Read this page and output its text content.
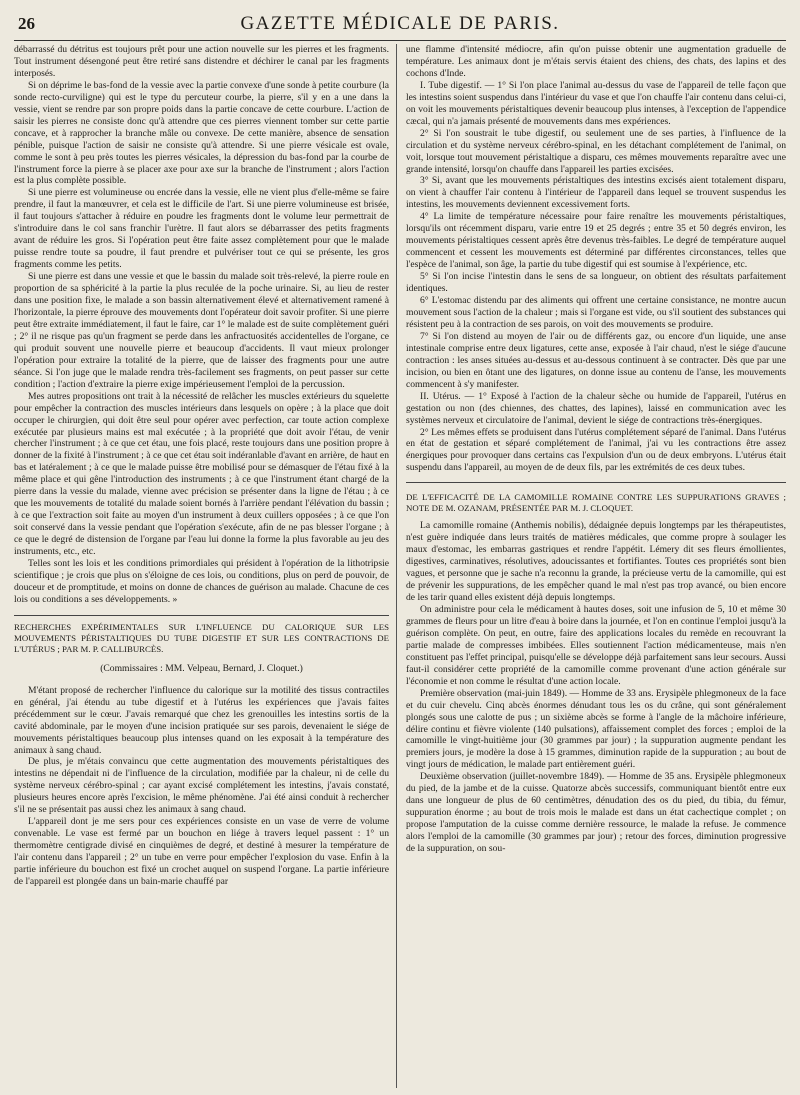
26	GAZETTE MÉDICALE DE PARIS.

débarrassé du détritus est toujours prêt pour une action nouvelle sur les pierres et les fragments. Tout instrument désengoné peut être retiré sans distendre et déchirer le canal par les fragments interposés.

Si on déprime le bas-fond de la vessie avec la partie convexe d'une sonde à petite courbure (la sonde recto-curviligne) qui est le type du percuteur courbe, la pierre, s'il y en a une dans la vessie, vient se rendre par son propre poids dans la partie concave de cette courbure. L'action de saisir les pierres ne consiste donc qu'à attendre que ces pierres viennent tomber sur cette partie concave, et à rapprocher la branche mâle ou convexe. De cette manière, absence de sensation pénible, puisque l'action de saisir ne consiste qu'à attendre. Si une pierre vésicale est ovale, comme le sont à peu près toutes les pierres vésicales, la dépression du bas-fond par la courbe de l'instrument force la pierre à se placer axe pour axe sur la branche de l'instrument ; alors l'action est la plus complète possible.

Si une pierre est volumineuse ou encrée dans la vessie, elle ne vient plus d'elle-même se faire prendre, il faut la manœuvrer, et cela est le difficile de l'art. Si une pierre volumineuse est brisée, il faut toujours s'attacher à réduire en poudre les fragments dont le volume leur permettrait de s'introduire dans le col sans franchir l'urètre. Il faut alors se débarrasser des petits fragments avant de réduire les gros. Si l'opération peut être faite assez complètement pour que le malade puisse rendre toute sa poudre, il faut prendre et pulvériser tout ce qui se présente, les gros fragments comme les petits.

Si une pierre est dans une vessie et que le bassin du malade soit très-relevé, la pierre roule en proportion de sa sphéricité à la partie la plus reculée de la poche urinaire. Si, au lieu de rester dans une position fixe, le malade a son bassin alternativement élevé et alternativement ramené à l'horizontale, la pierre éprouve des mouvements dont l'opérateur doit savoir profiter. Si une pierre peut être extraite immédiatement, il faut le faire, car 1° le malade est de suite complètement guéri ; 2° il ne risque pas qu'un fragment se perde dans les anfractuosités accidentelles de l'organe, ce qui produit souvent une nouvelle pierre et beaucoup d'accidents. Il vaut mieux prolonger l'opération pour extraire la totalité de la pierre, que de laisser des fragments pour une autre séance. Si l'on juge que le malade rendra très-facilement ses fragments, on peut passer sur cette condition ; l'action d'extraire la pierre exige impérieusement l'emploi de la percussion.

Mes autres propositions ont trait à la nécessité de relâcher les muscles extérieurs du squelette pour empêcher la contraction des muscles intérieurs dans lesquels on opère ; à la place que doit occuper le chirurgien, qui doit être seul pour opérer avec perfection, car toute action complexe exécutée par plusieurs mains est mal exécutée ; à la propriété que doit avoir l'étau, de venir chercher l'instrument ; à ce que cet étau, une fois placé, reste toujours dans une position propre à donner de la fixité à l'instrument ; à ce que cet étau soit indéranlable d'avant en arrière, de haut en bas et latéralement ; à ce que le malade puisse être mobilisé pour se démasquer de l'étau fixé à la même place et qui gêne l'introduction des instruments ; à ce que l'instrument étant chargé de la pierre dans la vessie du malade, vienne avec précision se présenter dans la ligne de l'étau ; à ce que les mouvements de totalité du malade soient bornés à l'arrière pendant l'élévation du bassin ; à ce que l'extraction soit faite au moyen d'un instrument à deux cuillers opposées ; à ce que l'on soit conservé dans la vessie pendant que l'opération s'exécute, afin de ne pas blesser l'organe ; à ce que le degré de distension de l'organe par l'eau lui donne la forme la plus favorable au jeu des instruments, etc., etc.

Telles sont les lois et les conditions primordiales qui président à l'opération de la lithotripsie scientifique ; je crois que plus on s'éloigne de ces lois, ou conditions, plus on perd de pouvoir, de douceur et de promptitude, et moins on donne de chances de guérison au malade. Chacune de ces lois ou conditions a ses développements. »

RECHERCHES EXPÉRIMENTALES SUR L'INFLUENCE DU CALORIQUE SUR LES MOUVEMENTS PÉRISTALTIQUES DU TUBE DIGESTIF ET SUR LES CONTRACTIONS DE L'UTÉRUS ; PAR M. P. CALLIBURCÈS.

(Commissaires : MM. Velpeau, Bernard, J. Cloquet.)

M'étant proposé de rechercher l'influence du calorique sur la motilité des tissus contractiles en général, j'ai étendu au tube digestif et à l'utérus les expériences que j'avais faites précédemment sur le cœur. J'avais remarqué que chez les grenouilles les intestins sortis de la cavité abdominale, par le moyen d'une incision pratiquée sur ses parois, devenaient le siége de mouvements péristaltiques beaucoup plus intenses quand on les exposait à la température des animaux à sang chaud.

De plus, je m'étais convaincu que cette augmentation des mouvements péristaltiques des intestins ne dépendait ni de l'influence de la circulation, modifiée par la chaleur, ni de celle du système nerveux cérébro-spinal ; car ayant excisé complétement les intestins, j'avais constaté, plusieurs heures encore après l'excision, le même phénomène. J'ai été ainsi conduit à rechercher s'il ne se présentait pas aussi chez les animaux à sang chaud.

L'appareil dont je me sers pour ces expériences consiste en un vase de verre de volume convenable. Le vase est fermé par un bouchon en liége à travers lequel passent : 1° un thermomètre centigrade divisé en cinquièmes de degré, et destiné à mesurer la température de l'air contenu dans l'appareil ; 2° un tube en verre pour empêcher l'explosion du vase. Enfin à la partie inférieure du bouchon est fixé un crochet auquel on suspend l'organe. La partie inférieure de l'appareil est plongée dans un bain-marie chauffé par

une flamme d'intensité médiocre, afin qu'on puisse obtenir une augmentation graduelle de température. Les animaux dont je m'étais servis étaient des chiens, des chats, des lapins et des cochons d'Inde.

I. Tube digestif. — 1° Si l'on place l'animal au-dessus du vase de l'appareil de telle façon que les intestins soient suspendus dans l'intérieur du vase et que l'on chauffe l'air contenu dans celui-ci, on voit les mouvements péristaltiques devenir beaucoup plus intenses, à l'exception de l'appendice cæcal, qui n'a jamais présenté de mouvements dans mes expériences.

2° Si l'on soustrait le tube digestif, ou seulement une de ses parties, à l'influence de la circulation et du système nerveux cérébro-spinal, en les détachant complétement de l'animal, on voit, lorsque tout mouvement péristaltique a disparu, ces mêmes mouvements reparaître avec une grande intensité, lorsqu'on chauffe dans l'appareil les parties excisées.

3° Si, avant que les mouvements péristaltiques des intestins excisés aient totalement disparu, on vient à chauffer l'air contenu à l'intérieur de l'appareil dans lequel se trouvent suspendus les intestins, les mouvements deviennent excessivement forts.

4° La limite de température nécessaire pour faire renaître les mouvements péristaltiques, lorsqu'ils ont récemment disparu, varie entre 19 et 25 degrés ; entre 35 et 50 degrés environ, les mouvements péristaltiques cessent après être devenus très-faibles. Le degré de température auquel commencent et cessent les mouvements est déterminé par différentes circonstances, telles que l'espèce de l'animal, son âge, la partie du tube digestif qui est soumise à l'expérience, etc.

5° Si l'on incise l'intestin dans le sens de sa longueur, on obtient des résultats parfaitement identiques.

6° L'estomac distendu par des aliments qui offrent une certaine consistance, ne montre aucun mouvement sous l'action de la chaleur ; mais si l'organe est vide, ou s'il soutient des substances qui résistent peu à la contraction de ses parois, on voit des mouvements se produire.

7° Si l'on distend au moyen de l'air ou de différents gaz, ou encore d'un liquide, une anse intestinale comprise entre deux ligatures, cette anse, exposée à l'air chaud, n'est le siége d'aucune contraction : les anses situées au-dessus et au-dessous continuent à se contracter. Dès que par une incision, ou bien en ôtant une des ligatures, on donne issue au contenu de l'anse, les mouvements commencent à s'y manifester.

II. Utérus. — 1° Exposé à l'action de la chaleur sèche ou humide de l'appareil, l'utérus en gestation ou non (des chiennes, des chattes, des lapines), laissé en communication avec les systèmes nerveux et circulatoire de l'animal, devient le siége de contractions très-énergiques.

2° Les mêmes effets se produisent dans l'utérus complétement séparé de l'animal. Dans l'utérus en état de gestation et séparé complétement de l'animal, j'ai vu les contractions être assez énergiques pour provoquer dans certains cas l'expulsion d'un ou de deux embryons. L'utérus était suspendu dans l'appareil, au moyen de de deux fils, par les extrémités de ces deux tubes.

DE L'EFFICACITÉ DE LA CAMOMILLE ROMAINE CONTRE LES SUPPURATIONS GRAVES ; NOTE DE M. OZANAM, PRÉSENTÉE PAR M. J. CLOQUET.

La camomille romaine (Anthemis nobilis), dédaignée depuis longtemps par les thérapeutistes, n'est guère indiquée dans leurs traités de matières médicales, que comme propre à soulager les maux d'estomac, les embarras gastriques et rendre l'appétit. Lémery dit ses fleurs émollientes, digestives, carminatives, résolutives, adoucissantes et fortifiantes. Toutes ces propriétés sont bien vagues, et personne que je sache n'a reconnu la grande, la précieuse vertu de la camomille, qui est de prévenir les suppurations, de les empêcher quand le mal n'est pas trop avancé, ou bien encore de les tarir quand elles existent déjà depuis longtemps.

On administre pour cela le médicament à hautes doses, soit une infusion de 5, 10 et même 30 grammes de fleurs pour un litre d'eau à boire dans la journée, et l'on en continue l'emploi jusqu'à la guérison complète. On peut, en outre, faire des applications locales du remède en recouvrant la partie malade de compresses imbibées. Elles soutiennent l'action médicamenteuse, mais n'en constituent pas l'effet principal, puisqu'elle se développe déjà parfaitement sans leur secours. Aussi faut-il considérer cette propriété de la camomille comme provenant d'une action générale sur l'économie et non comme le résultat d'une action locale.

Première observation (mai-juin 1849). — Homme de 33 ans. Erysipèle phlegmoneux de la face et du cuir chevelu. Cinq abcès énormes dénudant tous les os du crâne, qui sont généralement plongés sous une calotte de pus ; un sixième abcès se forme à l'angle de la mâchoire inférieure, délire continu et fièvre violente (140 pulsations), affaissement complet des forces ; emploi de la camomille le vingt-huitième jour (30 grammes par jour) ; la suppuration augmente pendant les premiers jours, je modère la dose à 15 grammes, diminution rapide de la suppuration ; au bout de vingt jours de médication, le malade part entièrement guéri.

Deuxième observation (juillet-novembre 1849). — Homme de 35 ans. Erysipèle phlegmoneux du pied, de la jambe et de la cuisse. Quatorze abcès successifs, communiquant bientôt entre eux dans une longueur de plus de 60 centimètres, dénudation des os du pied, du tibia, du fémur, suppuration énorme ; au bout de trois mois le malade est dans un état cachectique complet ; on propose l'amputation de la cuisse comme dernière ressource, le malade la refuse. Je commence alors l'emploi de la camomille (30 grammes par jour) ; retour des forces, diminution progressive de la suppuration, on sou-
